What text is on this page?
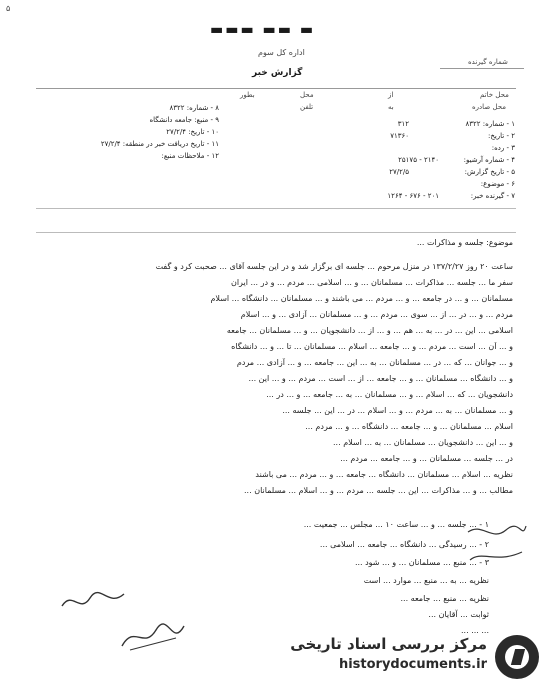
۵
▬ ▬▬ ▬▬▬
اداره کل سوم
گزارش خبر
شماره گیرنده
محل خاتم
از
محل
بطور
محل صادره
به
تلفن
۱ - شماره: ۸۳۲۲
۲ - تاریخ:
۳ - رده:
۴ - شماره آرشیو:
۵ - تاریخ گزارش:
۶ - موضوع:
۷ - گیرنده خبر:
۳۱۲
۷۱۳۶۰
۲۱۴۰ - ۲۵۱۷۵
۲۷/۲/۵
۲۰۱ - ۶۷۶ - ۱۲۶۴
۸ - شماره: ۸۳۲۲
۹ - منبع: جامعه دانشگاه
۱۰ - تاریخ: ۲۷/۲/۴
۱۱ - تاریخ دریافت خبر در منطقه: ۲۷/۲/۴
۱۲ - ملاحظات منبع:
موضوع: جلسه و مذاکرات ...
ساعت ۲۰ روز ۱۳۷/۲/۲۷ در منزل مرحوم ... جلسه ای برگزار شد و در این جلسه آقای ... صحبت کرد و گفت
سفر ما ... جلسه ... مذاکرات ... مسلمانان ... و ... اسلامی ... مردم ... و در ... ایران
مسلمانان ... و ... در جامعه ... و ... مردم ... می باشند و ... مسلمانان ... دانشگاه ... اسلام
مردم ... و ... در ... از ... سوی ... مردم ... و ... مسلمانان ... آزادی ... و ... اسلام
اسلامی ... این ... در ... به ... هم ... و ... از ... دانشجویان ... و ... مسلمانان ... جامعه
و ... آن ... است ... مردم ... و ... جامعه ... اسلام ... مسلمانان ... تا ... و ... دانشگاه
و ... جوانان ... که ... در ... مسلمانان ... به ... این ... جامعه ... و ... آزادی ... مردم
و ... دانشگاه ... مسلمانان ... و ... جامعه ... از ... است ... مردم ... و ... این ...
دانشجویان ... که ... اسلام ... و ... مسلمانان ... به ... جامعه ... و ... در ...
و ... مسلمانان ... به ... مردم ... و ... اسلام ... در ... این ... جلسه ...
اسلام ... مسلمانان ... و ... جامعه ... دانشگاه ... و ... مردم ...
و ... این ... دانشجویان ... مسلمانان ... به ... اسلام ...
در ... جلسه ... مسلمانان ... و ... جامعه ... مردم ...
نظریه ... اسلام ... مسلمانان ... دانشگاه ... جامعه ... و ... مردم ... می باشند
مطالب ... و ... مذاکرات ... این ... جلسه ... مردم ... و ... اسلام ... مسلمانان ...
۱ - ... جلسه ... و ... ساعت ۱۰ ... مجلس ... جمعیت ...
۲ - ... رسیدگی ... دانشگاه ... جامعه ... اسلامی ...
۳ - ... منبع ... مسلمانان ... و ... شود ...
نظریه ... به ... منبع ... موارد ... است
نظریه ... منبع ... جامعه ...
ثوابت ... آقایان ...
... ... ...
مرکز بررسی اسناد تاریخی
historydocuments.ir
